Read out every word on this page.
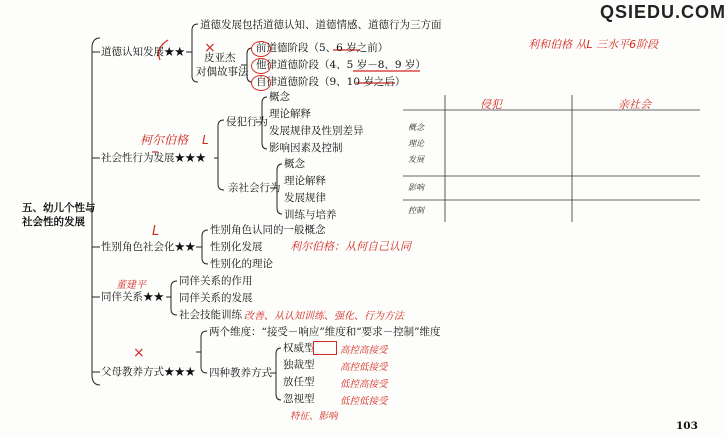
QSIEDU.COM
103
五、幼儿个性与
社会性的发展
道德认知发展★★
道德发展包括道德认知、道德情感、道德行为三方面
皮亚杰
对偶故事法
前道德阶段（5、6 岁之前）
他律道德阶段（4、5 岁－8、9 岁）
自律道德阶段（9、10 岁之后）
社会性行为发展★★★
侵犯行为
概念
理论解释
发展规律及性别差异
影响因素及控制
亲社会行为
概念
理论解释
发展规律
训练与培养
性别角色社会化★★
性别角色认同的一般概念
性别化发展
性别化的理论
同伴关系★★
同伴关系的作用
同伴关系的发展
社会技能训练
父母教养方式★★★
两个维度：“接受－响应”维度和“要求－控制”维度
四种教养方式
权威型
独裁型
放任型
忽视型
侵犯	亲社会
概念
理论
发展
影响
控制
利和伯格 从L 三水平6阶段
利尔伯格：从何自己认同
柯尔伯格
董建平
改善、从认知训练、强化、行为方法
×
×
L
L
高控高接受
高控低接受
低控高接受
低控低接受
特征、影响
